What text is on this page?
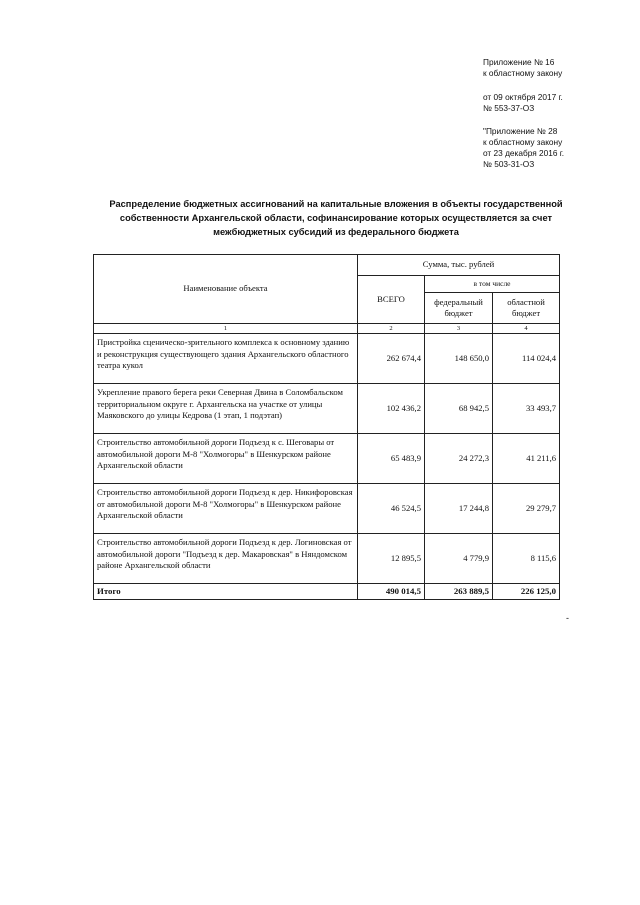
Приложение № 16
к областному закону
от 09 октября 2017 г.
№ 553-37-ОЗ
"Приложение № 28
к областному закону
от 23 декабря 2016 г.
№ 503-31-ОЗ
Распределение бюджетных ассигнований на капитальные вложения в объекты государственной собственности Архангельской области, софинансирование которых осуществляется за счет межбюджетных субсидий из федерального бюджета
Наименование объекта	Сумма, тыс. рублей		
	ВСЕГО	в том числе	
		федеральный бюджет	областной бюджет
1	2	3	4
Пристройка сценическо-зрительного комплекса к основному зданию и реконструкция существующего здания Архангельского областного театра кукол	262 674,4	148 650,0	114 024,4
Укрепление правого берега реки Северная Двина в Соломбальском территориальном округе г. Архангельска на участке от улицы Маяковского до улицы Кедрова (1 этап, 1 подэтап)	102 436,2	68 942,5	33 493,7
Строительство автомобильной дороги Подъезд к с. Шеговары от автомобильной дороги М-8 "Холмогоры" в Шенкурском районе Архангельской области	65 483,9	24 272,3	41 211,6
Строительство автомобильной дороги Подъезд к дер. Никифоровская от автомобильной дороги М-8 "Холмогоры" в Шенкурском районе Архангельской области	46 524,5	17 244,8	29 279,7
Строительство автомобильной дороги Подъезд к дер. Логиновская от автомобильной дороги "Подъезд к дер. Макаровская" в Няндомском районе Архангельской области	12 895,5	4 779,9	8 115,6
Итого	490 014,5	263 889,5	226 125,0
-
